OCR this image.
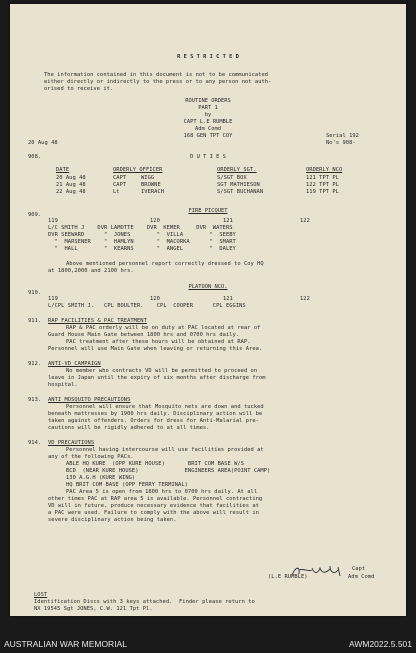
R E S T R I C T E D
The information contained in this document is not to be communicated
either directly or indirectly to the press or to any person not auth-
orised to receive it.
ROUTINE ORDERS
PART 1
by
CAPT L.E RUMBLE
Adm Comd
168 GEN TPT COY
20 Aug 48
Serial 192
No's 908-
908.	D U T I E S
DATE	ORDERLY OFFICER	ORDERLY SGT.	ORDERLY NCO
20 Aug 48	CAPT	WIGG	S/SGT BOX	121 TPT PL
21 Aug 48	CAPT	BROWNE	SGT MATHIESON	122 TPT PL
22 Aug 48	Lt	IVERACH	S/SGT BUCHANAN	119 TPT PL
909.
FIRE PICQUET
119	120	121	122
L/C SMITH J    DVR LAMOTTE    DVR  KEMER     DVR  WATERS
DVR SEEWARD      "  JONES        "  VILLA        "  SEEBY
"  MARSENER    "  HAMLYN       "  MACORKA      "  SMART
"  HALL        "  KEARNS       "  ANGEL        "  DALEY
Above mentioned personnel report correctly dressed to Coy HQ
at 1800,2000 and 2100 hrs.
910.
PLATOON NCO.
119	120	121	122
L/CPL SMITH J.   CPL BOULTER.    CPL  COOPER      CPL EGGINS
911. RAP FACILITIES & PAC TREATMENT
RAP & PAC orderly will be on duty at PAC located at rear of
Guard House Main Gate between 1800 hrs and 0700 hrs daily.
PAC treatment after these hours will be obtained at RAP.
Personnel will use Main Gate when leaving or returning this Area.
912. ANTI-VD CAMPAIGN
No member who contracts VD will be permitted to proceed on
leave in Japan until the expiry of six months after discharge from
hospital.
913. ANTI MOSQUITO PRECAUTIONS
Personnel will ensure that Mosquito nets are down and tucked
beneath mattresses by 1900 hrs daily. Disciplinary action will be
taken against offenders. Orders for dress for Anti-Malarial pre-
cautions will be rigidly adhered to at all times.
914. VD PRECAUTIONS
Personnel having intercourse will use facilities provided at
any of the following PACs.
ABLE HQ KURE  (OPP KURE HOUSE)       BRIT COM BASE W/S
BCD  (NEAR KURE HOUSE)              ENGINEERS AREA(POINT CAMP)
130 A.G.H (KURE WING)
HQ BRIT COM BASE (OPP FERRY TERMINAL)
PAC Area 5 is open from 1800 hrs to 0700 hrs daily. At all
other times PAC at RAP area 5 is available. Personnel contracting
VD will in future, produce necessary evidence that facilities at
a PAC were used. Failure to comply with the above will result in
severe disciplinary action being taken.
Capt
(L.E RUMBLE)	Adm Comd
LOST
Identification Discs with 3 keys attached.  Finder please return to
NX 19545 Sgt JONES, C.W. 121 Tpt Pl.
AUSTRALIAN WAR MEMORIAL	AWM2022.5.501
